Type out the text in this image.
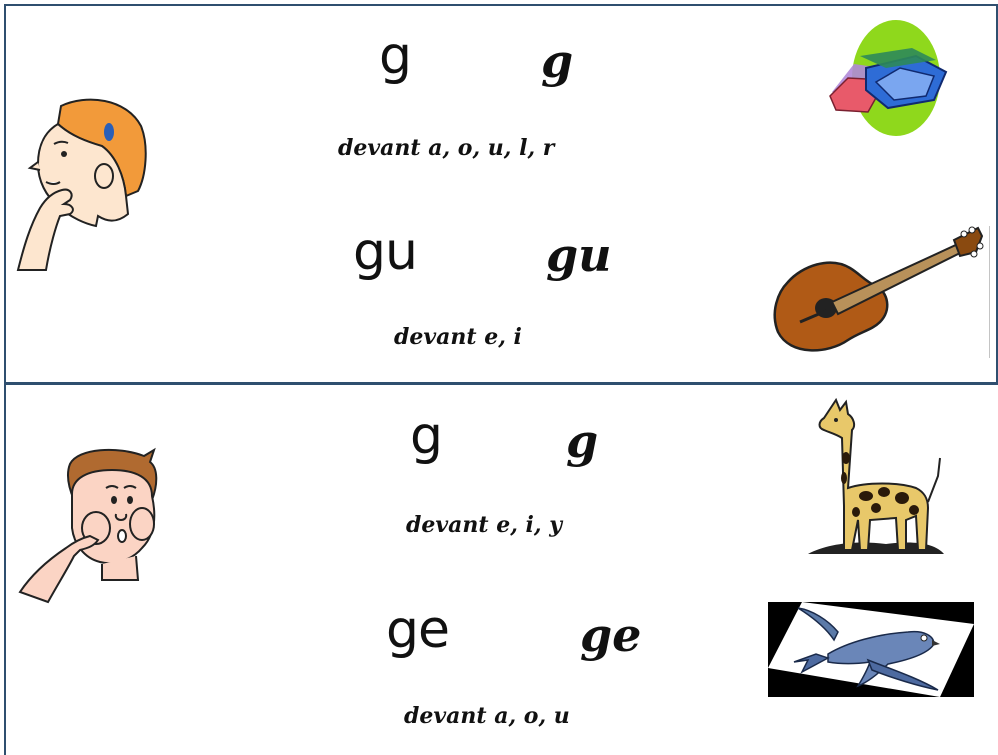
g	g
devant a, o, u, l, r
gu	gu
devant e, i
g	g
devant e, i, y
ge	ge
devant a, o, u
